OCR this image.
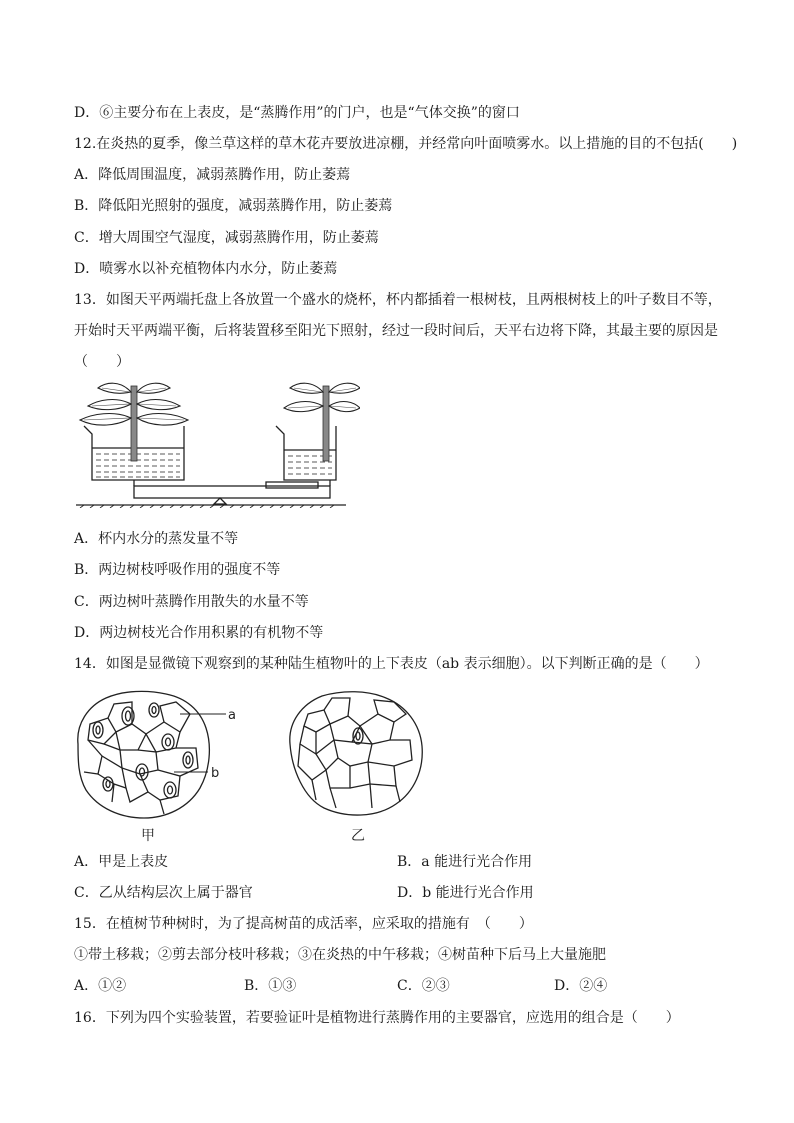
D．⑥主要分布在上表皮，是“蒸腾作用”的门户，也是“气体交换”的窗口
12.在炎热的夏季，像兰草这样的草木花卉要放进凉棚，并经常向叶面喷雾水。以上措施的目的不包括(　　)
A．降低周围温度，减弱蒸腾作用，防止萎蔫
B．降低阳光照射的强度，减弱蒸腾作用，防止萎蔫
C．增大周围空气湿度，减弱蒸腾作用，防止萎蔫
D．喷雾水以补充植物体内水分，防止萎蔫
13．如图天平两端托盘上各放置一个盛水的烧杯，杯内都插着一根树枝，且两根树枝上的叶子数目不等，
开始时天平两端平衡，后将装置移至阳光下照射，经过一段时间后，天平右边将下降，其最主要的原因是
（　　）
A．杯内水分的蒸发量不等
B．两边树枝呼吸作用的强度不等
C．两边树叶蒸腾作用散失的水量不等
D．两边树枝光合作用积累的有机物不等
14．如图是显微镜下观察到的某种陆生植物叶的上下表皮（ab 表示细胞）。以下判断正确的是（　　）
a
b
甲	乙
A．甲是上表皮	B．a 能进行光合作用
C．乙从结构层次上属于器官	D．b 能进行光合作用
15．在植树节种树时，为了提高树苗的成活率，应采取的措施有　（　　）
①带土移栽；②剪去部分枝叶移栽；③在炎热的中午移栽；④树苗种下后马上大量施肥
A．①②	B．①③	C．②③	D．②④
16．下列为四个实验装置，若要验证叶是植物进行蒸腾作用的主要器官，应选用的组合是（　　）
